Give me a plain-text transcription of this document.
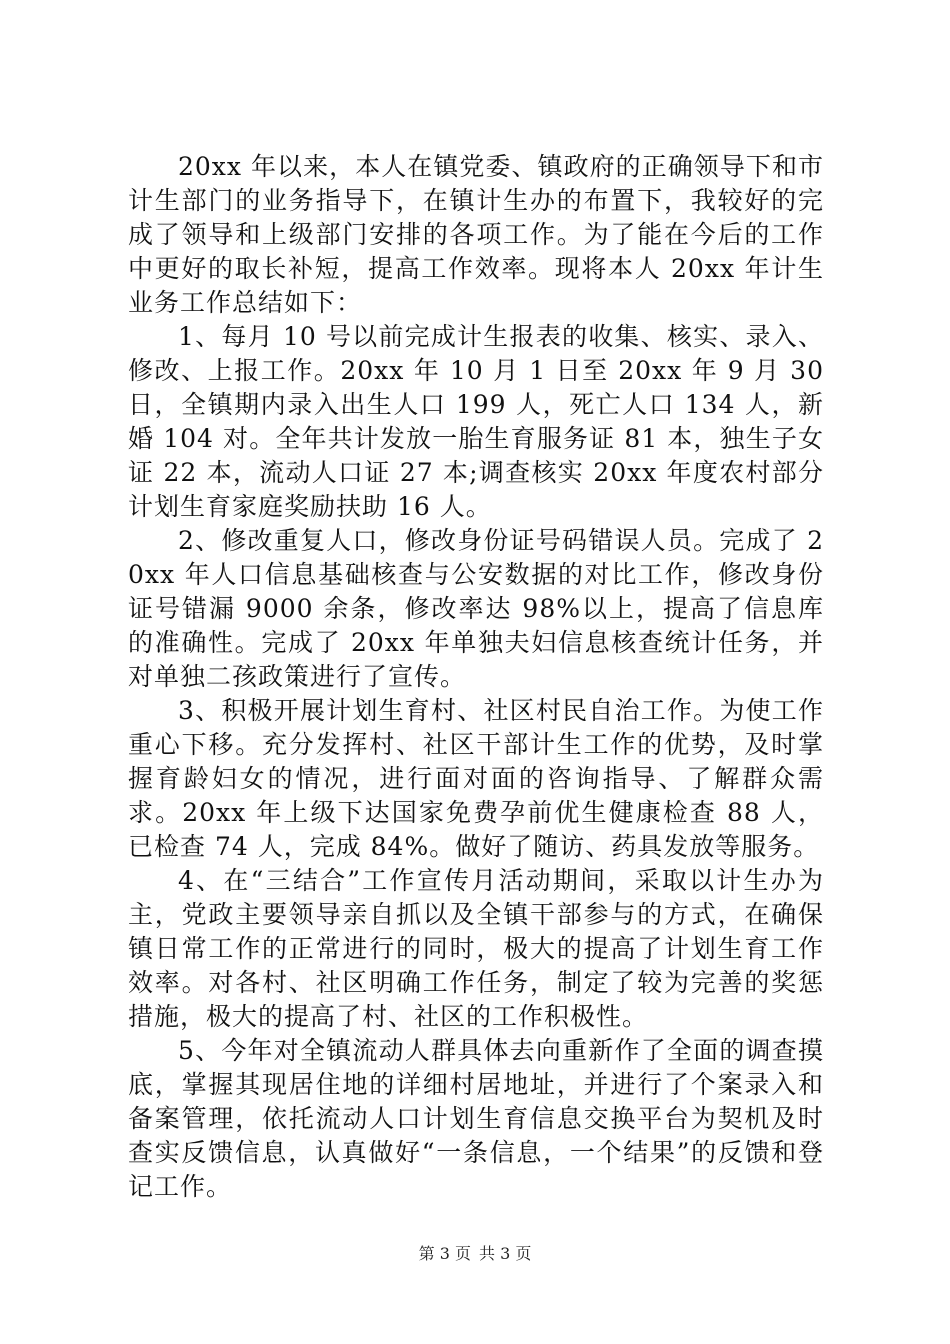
20xx 年以来，本人在镇党委、镇政府的正确领导下和市计生部门的业务指导下，在镇计生办的布置下，我较好的完成了领导和上级部门安排的各项工作。为了能在今后的工作中更好的取长补短，提高工作效率。现将本人 20xx 年计生业务工作总结如下：

1、每月 10 号以前完成计生报表的收集、核实、录入、修改、上报工作。20xx 年 10 月 1 日至 20xx 年 9 月 30 日，全镇期内录入出生人口 199 人，死亡人口 134 人，新婚 104 对。全年共计发放一胎生育服务证 81 本，独生子女证 22 本，流动人口证 27 本;调查核实 20xx 年度农村部分计划生育家庭奖励扶助 16 人。

2、修改重复人口，修改身份证号码错误人员。完成了 20xx 年人口信息基础核查与公安数据的对比工作，修改身份证号错漏 9000 余条，修改率达 98%以上，提高了信息库的准确性。完成了 20xx 年单独夫妇信息核查统计任务，并对单独二孩政策进行了宣传。

3、积极开展计划生育村、社区村民自治工作。为使工作重心下移。充分发挥村、社区干部计生工作的优势，及时掌握育龄妇女的情况，进行面对面的咨询指导、了解群众需求。20xx 年上级下达国家免费孕前优生健康检查 88 人，已检查 74 人，完成 84%。做好了随访、药具发放等服务。

4、在“三结合”工作宣传月活动期间，采取以计生办为主，党政主要领导亲自抓以及全镇干部参与的方式，在确保镇日常工作的正常进行的同时，极大的提高了计划生育工作效率。对各村、社区明确工作任务，制定了较为完善的奖惩措施，极大的提高了村、社区的工作积极性。

5、今年对全镇流动人群具体去向重新作了全面的调查摸底，掌握其现居住地的详细村居地址，并进行了个案录入和备案管理，依托流动人口计划生育信息交换平台为契机及时查实反馈信息，认真做好“一条信息，一个结果”的反馈和登记工作。

第 3 页 共 3 页
